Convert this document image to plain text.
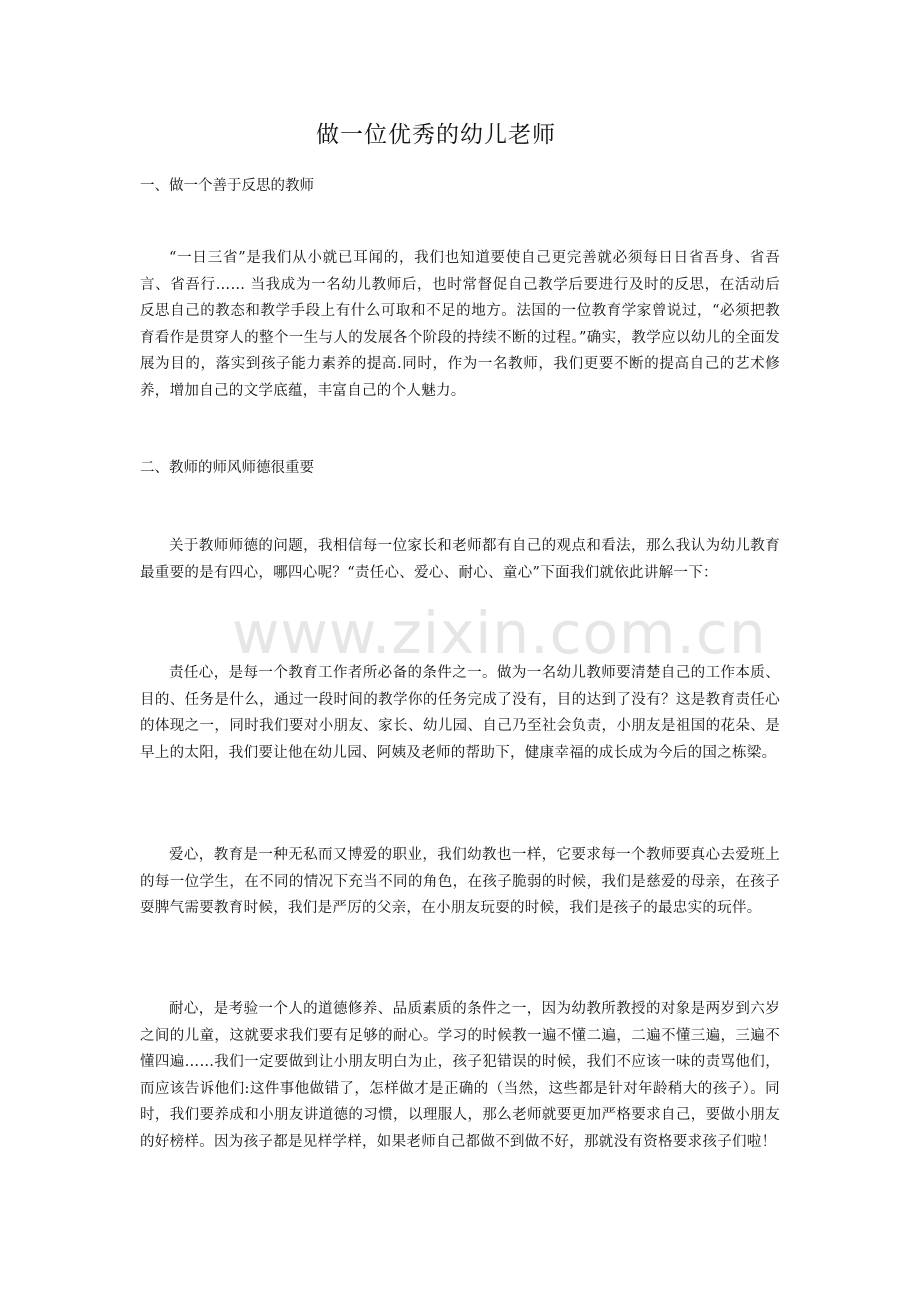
www.zixin.com.cn
做一位优秀的幼儿老师
一、做一个善于反思的教师

“一日三省”是我们从小就已耳闻的，我们也知道要使自己更完善就必须每日日省吾身、省吾言、省吾行…… 当我成为一名幼儿教师后，也时常督促自己教学后要进行及时的反思，在活动后反思自己的教态和教学手段上有什么可取和不足的地方。法国的一位教育学家曾说过，“必须把教育看作是贯穿人的整个一生与人的发展各个阶段的持续不断的过程。”确实，教学应以幼儿的全面发展为目的，落实到孩子能力素养的提高.同时，作为一名教师，我们更要不断的提高自己的艺术修养，增加自己的文学底蕴，丰富自己的个人魅力。

二、教师的师风师德很重要

关于教师师德的问题，我相信每一位家长和老师都有自己的观点和看法，那么我认为幼儿教育最重要的是有四心，哪四心呢？“责任心、爱心、耐心、童心”下面我们就依此讲解一下：

责任心，是每一个教育工作者所必备的条件之一。做为一名幼儿教师要清楚自己的工作本质、目的、任务是什么，通过一段时间的教学你的任务完成了没有，目的达到了没有？这是教育责任心的体现之一，同时我们要对小朋友、家长、幼儿园、自己乃至社会负责，小朋友是祖国的花朵、是早上的太阳，我们要让他在幼儿园、阿姨及老师的帮助下，健康幸福的成长成为今后的国之栋梁。

爱心，教育是一种无私而又博爱的职业，我们幼教也一样，它要求每一个教师要真心去爱班上的每一位学生，在不同的情况下充当不同的角色，在孩子脆弱的时候，我们是慈爱的母亲，在孩子耍脾气需要教育时候，我们是严厉的父亲，在小朋友玩耍的时候，我们是孩子的最忠实的玩伴。

耐心，是考验一个人的道德修养、品质素质的条件之一，因为幼教所教授的对象是两岁到六岁之间的儿童，这就要求我们要有足够的耐心。学习的时候教一遍不懂二遍，二遍不懂三遍，三遍不懂四遍……我们一定要做到让小朋友明白为止，孩子犯错误的时候，我们不应该一味的责骂他们，而应该告诉他们:这件事他做错了，怎样做才是正确的（当然，这些都是针对年龄稍大的孩子）。同时，我们要养成和小朋友讲道德的习惯，以理服人，那么老师就要更加严格要求自己，要做小朋友的好榜样。因为孩子都是见样学样，如果老师自己都做不到做不好，那就没有资格要求孩子们啦！
